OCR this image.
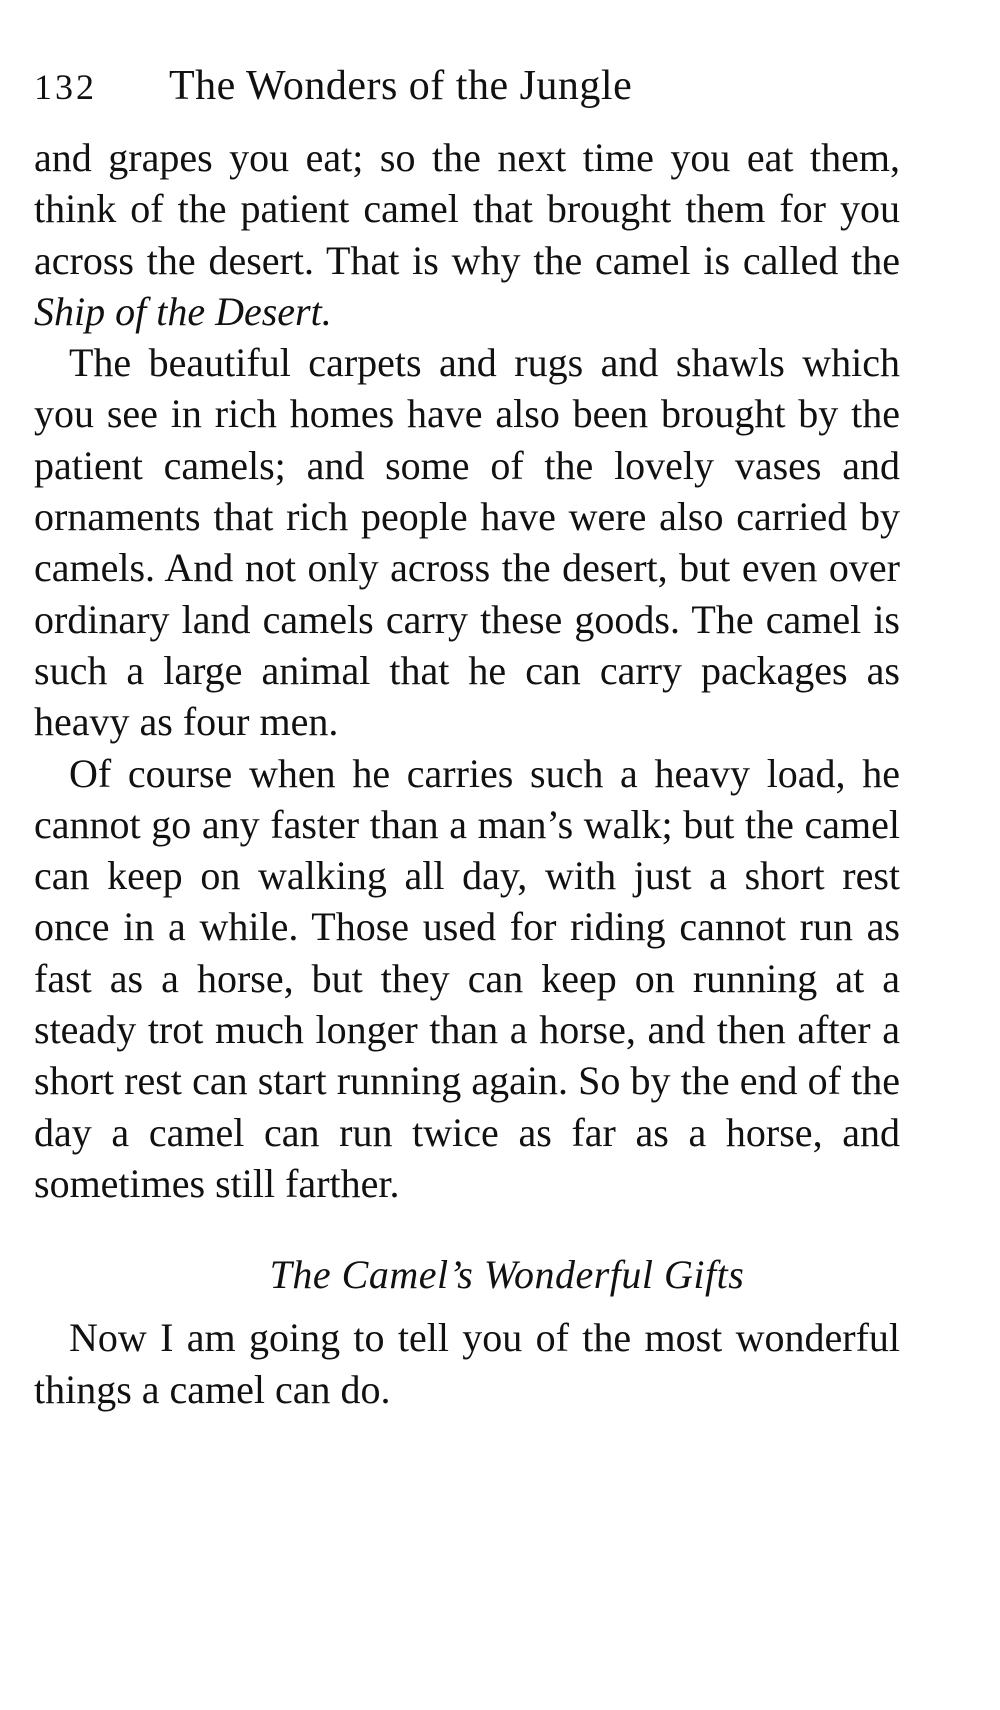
132	The Wonders of the Jungle

and grapes you eat; so the next time you eat them, think of the patient camel that brought them for you across the desert. That is why the camel is called the Ship of the Desert.

The beautiful carpets and rugs and shawls which you see in rich homes have also been brought by the patient camels; and some of the lovely vases and ornaments that rich people have were also carried by camels. And not only across the desert, but even over ordinary land camels carry these goods. The camel is such a large animal that he can carry packages as heavy as four men.

Of course when he carries such a heavy load, he cannot go any faster than a man’s walk; but the camel can keep on walking all day, with just a short rest once in a while. Those used for riding cannot run as fast as a horse, but they can keep on running at a steady trot much longer than a horse, and then after a short rest can start running again. So by the end of the day a camel can run twice as far as a horse, and sometimes still farther.

The Camel’s Wonderful Gifts

Now I am going to tell you of the most wonderful things a camel can do.
